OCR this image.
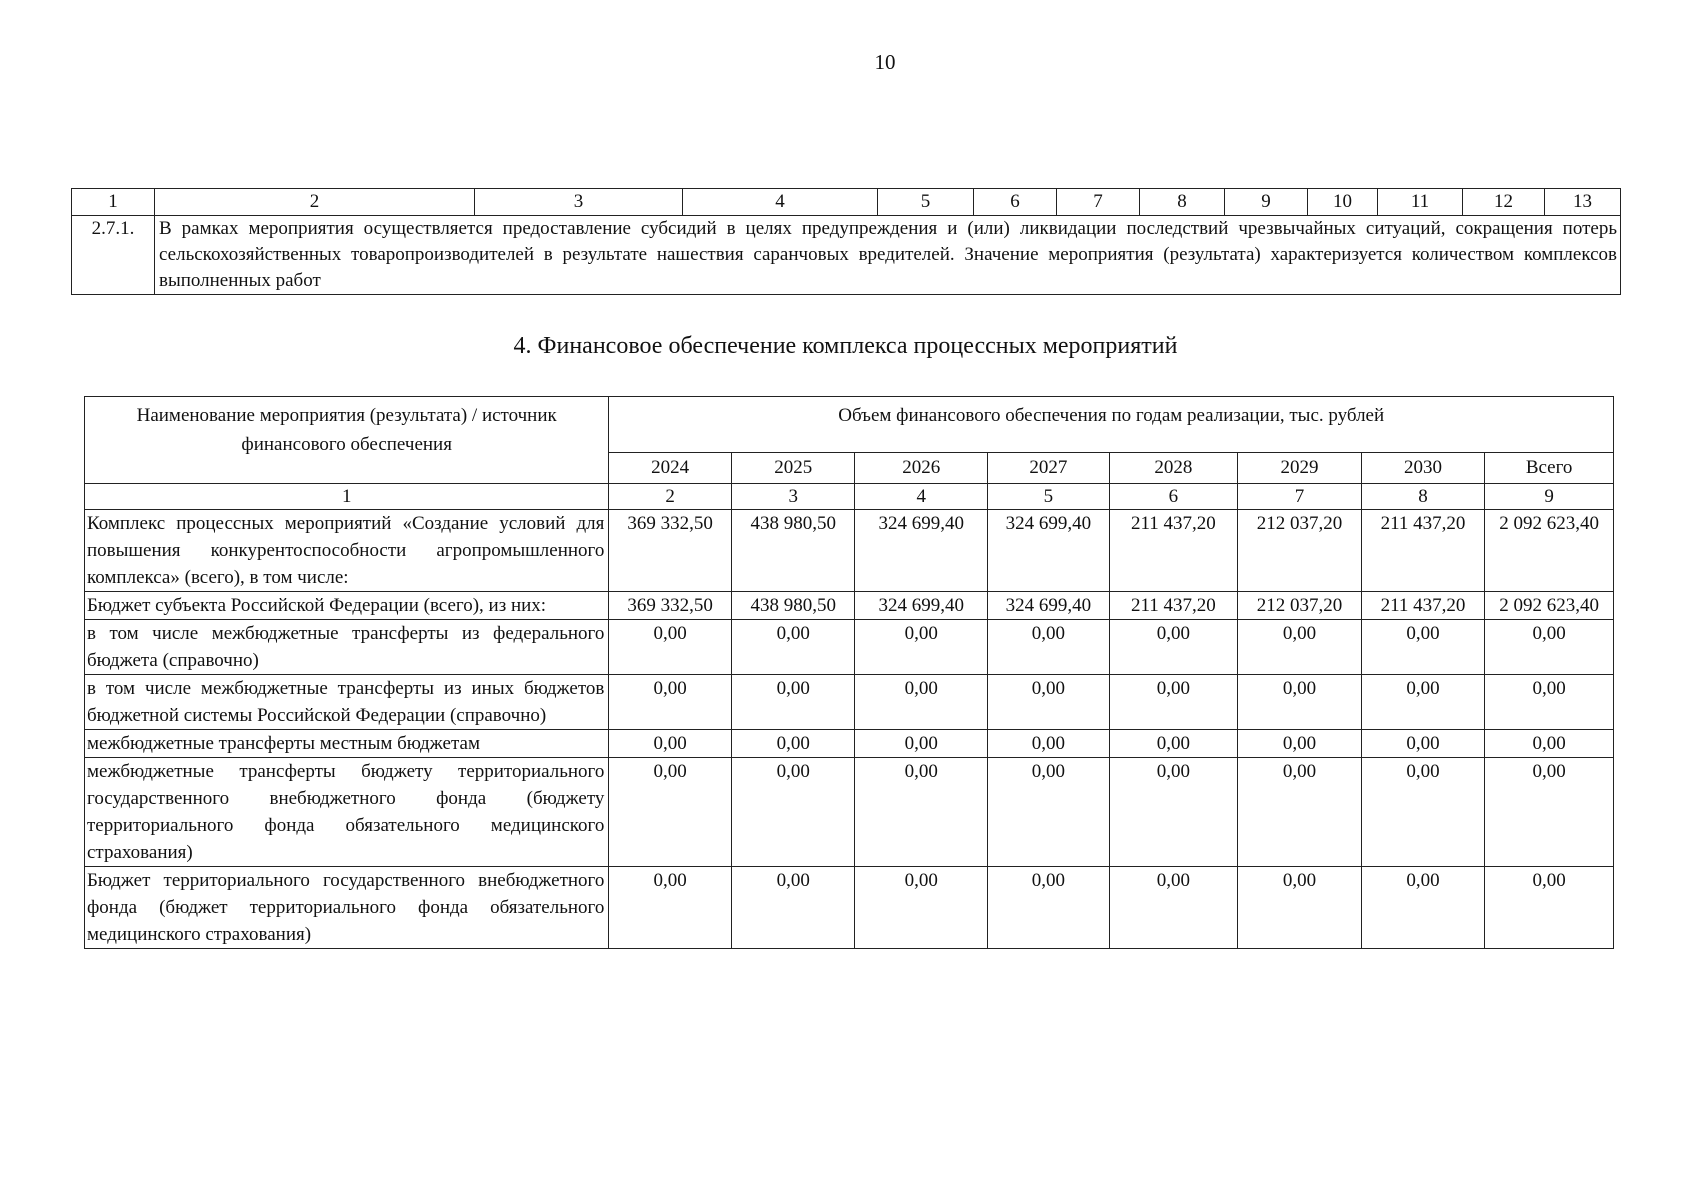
10
1	2	3	4	5	6	7	8	9	10	11	12	13
2.7.1.	В рамках мероприятия осуществляется предоставление субсидий в целях предупреждения и (или) ликвидации последствий чрезвычайных ситуаций, сокращения потерь сельскохозяйственных товаропроизводителей в результате нашествия саранчовых вредителей. Значение мероприятия (результата) характеризуется количеством комплексов выполненных работ											
4. Финансовое обеспечение комплекса процессных мероприятий
Наименование мероприятия (результата) / источник финансового обеспечения	Объем финансового обеспечения по годам реализации, тыс. рублей							
	2024	2025	2026	2027	2028	2029	2030	Всего
1	2	3	4	5	6	7	8	9
Комплекс процессных мероприятий «Создание условий для повышения конкурентоспособности агропромышленного комплекса» (всего), в том числе:	369 332,50	438 980,50	324 699,40	324 699,40	211 437,20	212 037,20	211 437,20	2 092 623,40
Бюджет субъекта Российской Федерации (всего), из них:	369 332,50	438 980,50	324 699,40	324 699,40	211 437,20	212 037,20	211 437,20	2 092 623,40
в том числе межбюджетные трансферты из федерального бюджета (справочно)	0,00	0,00	0,00	0,00	0,00	0,00	0,00	0,00
в том числе межбюджетные трансферты из иных бюджетов бюджетной системы Российской Федерации (справочно)	0,00	0,00	0,00	0,00	0,00	0,00	0,00	0,00
межбюджетные трансферты местным бюджетам	0,00	0,00	0,00	0,00	0,00	0,00	0,00	0,00
межбюджетные трансферты бюджету территориального государственного внебюджетного фонда (бюджету территориального фонда обязательного медицинского страхования)	0,00	0,00	0,00	0,00	0,00	0,00	0,00	0,00
Бюджет территориального государственного внебюджетного фонда (бюджет территориального фонда обязательного медицинского страхования)	0,00	0,00	0,00	0,00	0,00	0,00	0,00	0,00
